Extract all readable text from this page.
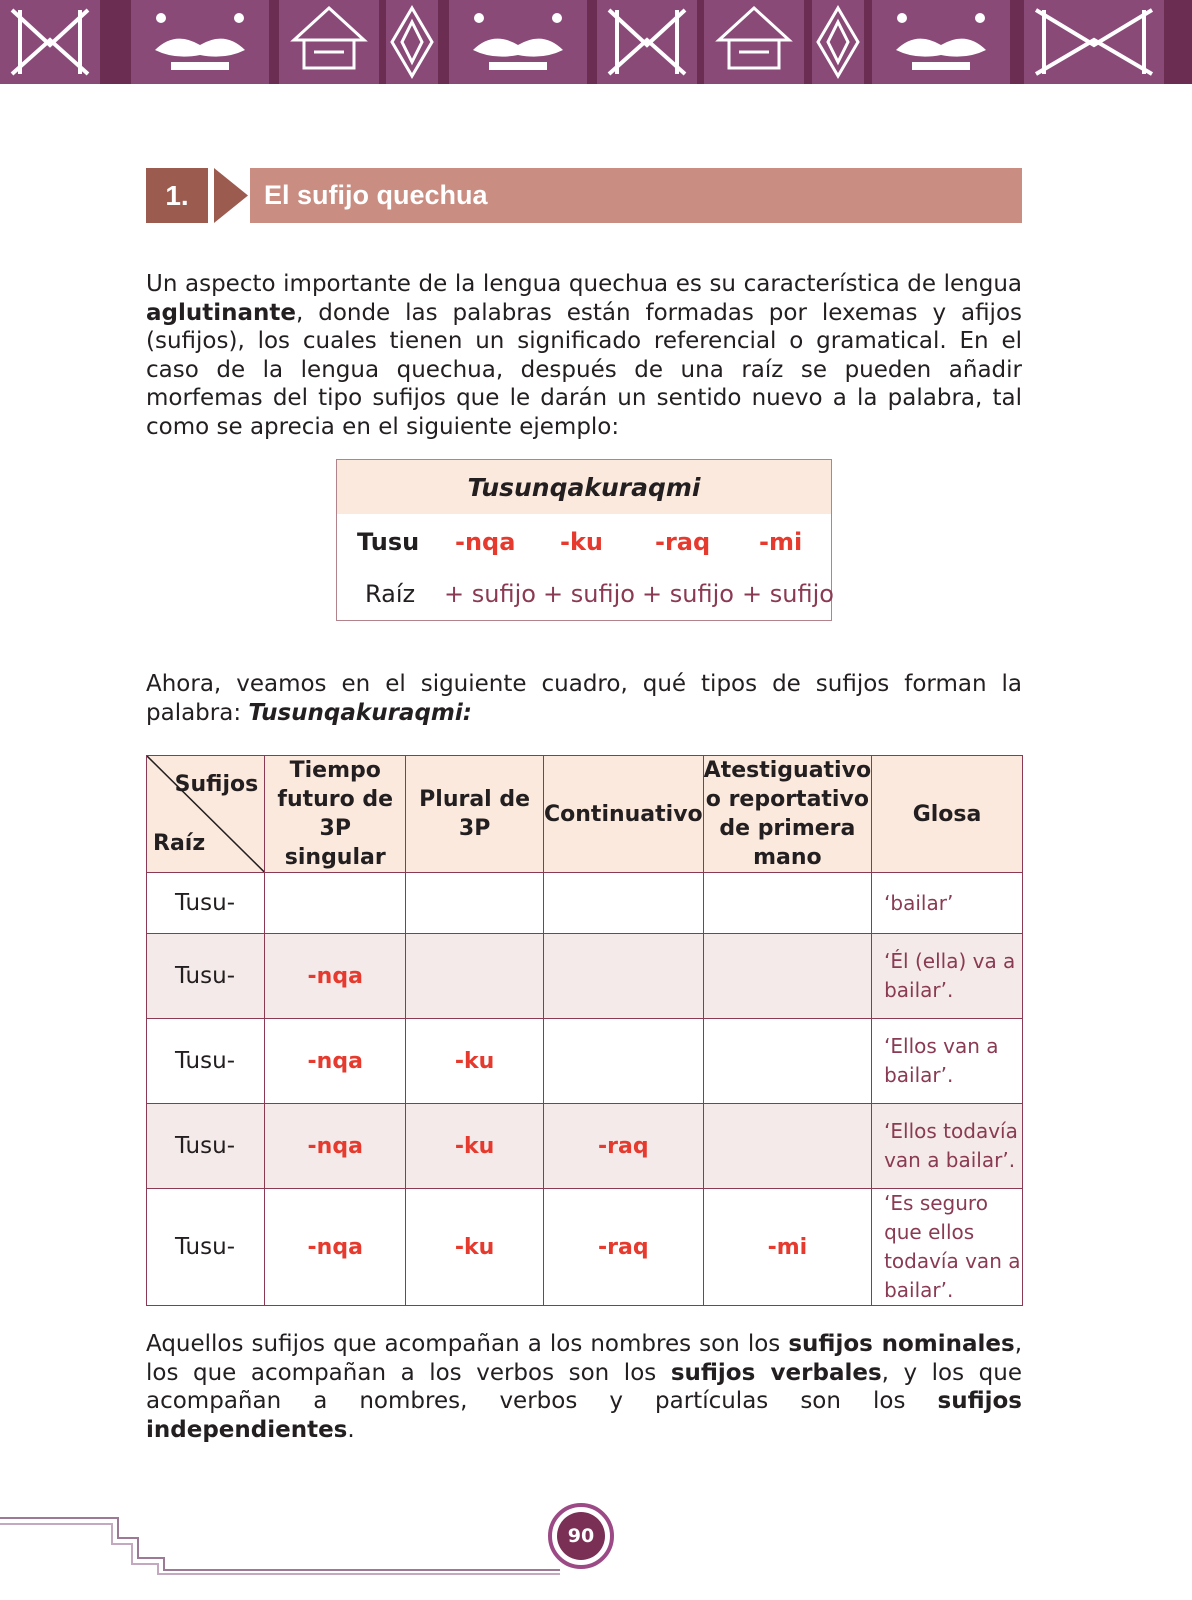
1.	El sufijo quechua
Un aspecto importante de la lengua quechua es su característica de lengua aglutinante, donde las palabras están formadas por lexemas y afijos (sufijos), los cuales tienen un significado referencial o gramatical. En el caso de la lengua quechua, después de una raíz se pueden añadir morfemas del tipo sufijos que le darán un sentido nuevo a la palabra, tal como se aprecia en el siguiente ejemplo:
Tusunqakuraqmi
Tusu -nqa -ku -raq -mi
Raíz + sufijo + sufijo + sufijo + sufijo
Ahora, veamos en el siguiente cuadro, qué tipos de sufijos forman la palabra: Tusunqakuraqmi:
Sufijos
Raíz	Tiempo futuro de 3P singular	Plural de 3P	Continuativo	Atestiguativo o reportativo de primera mano	Glosa
Tusu-					‘bailar’
Tusu-	-nqa				‘Él (ella) va a bailar’.
Tusu-	-nqa	-ku			‘Ellos van a bailar’.
Tusu-	-nqa	-ku	-raq		‘Ellos todavía van a bailar’.
Tusu-	-nqa	-ku	-raq	-mi	‘Es seguro que ellos todavía van a bailar’.
Aquellos sufijos que acompañan a los nombres son los sufijos nominales, los que acompañan a los verbos son los sufijos verbales, y los que acompañan a nombres, verbos y partículas son los sufijos independientes.
90
